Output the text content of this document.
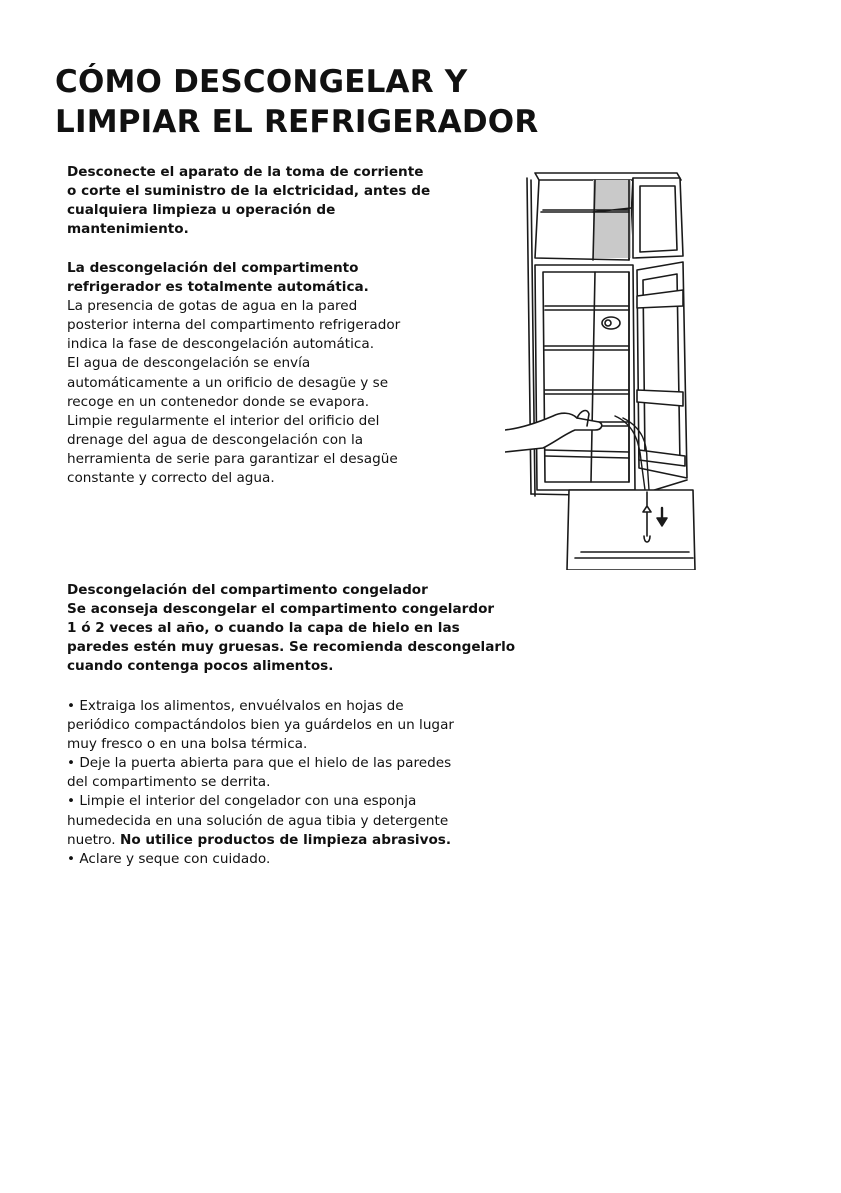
CÓMO DESCONGELAR Y
LIMPIAR EL REFRIGERADOR
Desconecte el aparato de la toma de corriente
o corte el suministro de la elctricidad, antes de
cualquiera limpieza u operación de
mantenimiento.
La descongelación del compartimento
refrigerador es totalmente automática.
La presencia de gotas de agua en la pared
posterior interna del compartimento refrigerador
indica la fase de descongelación automática.
El agua de descongelación se envía
automáticamente a un orificio de desagüe y se
recoge en un contenedor donde se evapora.
Limpie regularmente el interior del orificio del
drenage del agua de descongelación con la
herramienta de serie para garantizar el desagüe
constante y correcto del agua.
Descongelación del compartimento congelador
Se aconseja descongelar el compartimento congelardor
1 ó 2 veces al año, o cuando la capa de hielo en las
paredes estén muy gruesas. Se recomienda descongelarlo
cuando contenga pocos alimentos.
• Extraiga los alimentos, envuélvalos en hojas de
periódico compactándolos bien ya guárdelos en un lugar
muy fresco o en una bolsa térmica.
• Deje la puerta abierta para que el hielo de las paredes
del compartimento se derrita.
• Limpie el interior del congelador con una esponja
humedecida en una solución de agua tibia y detergente
nuetro. No utilice productos de limpieza abrasivos.
• Aclare y seque con cuidado.
